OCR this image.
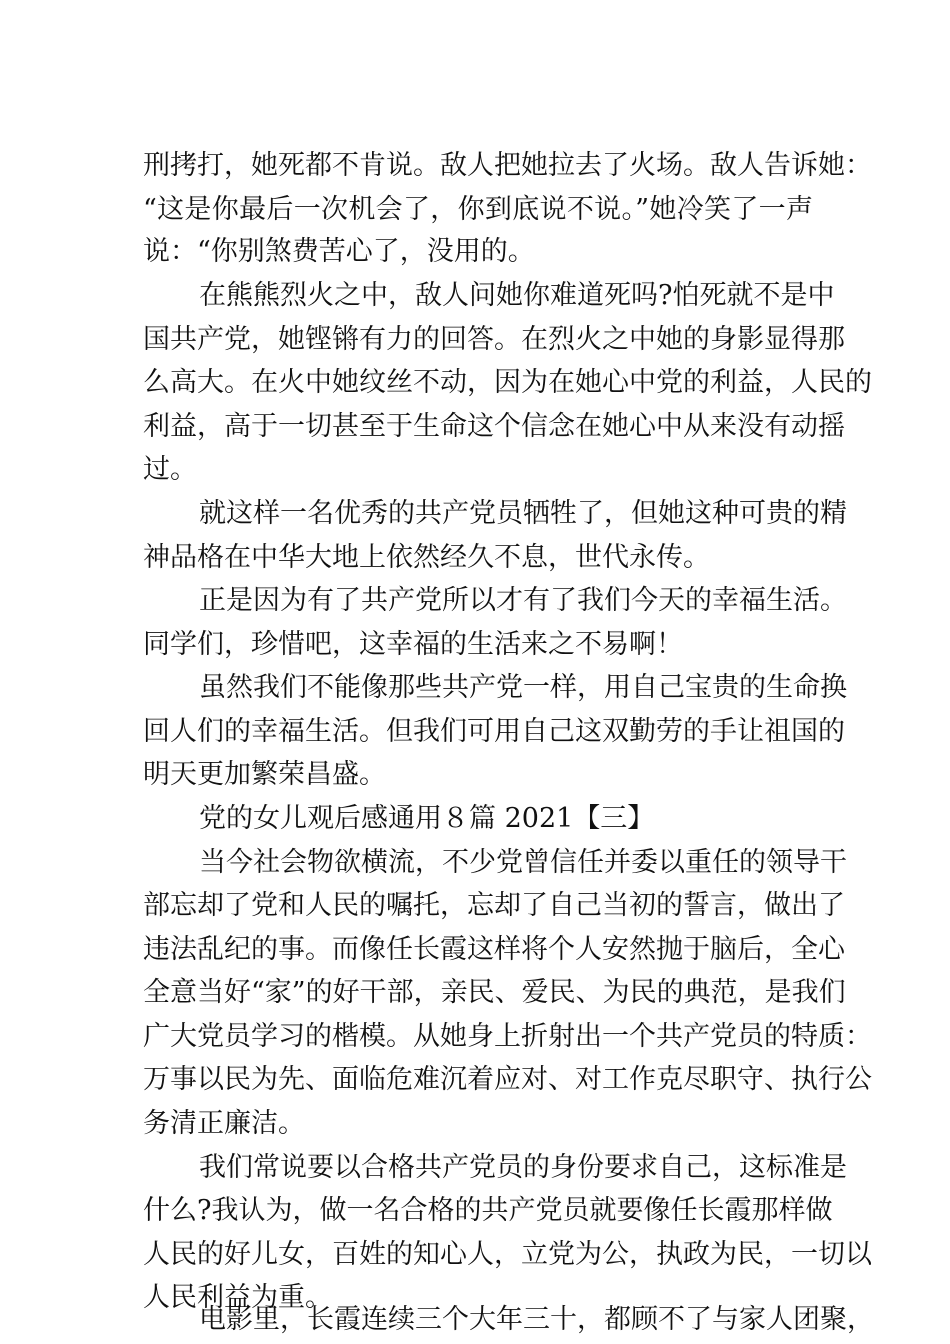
刑拷打，她死都不肯说。敌人把她拉去了火场。敌人告诉她：
“这是你最后一次机会了，你到底说不说。”她冷笑了一声
说：“你别煞费苦心了，没用的。
在熊熊烈火之中，敌人问她你难道死吗?怕死就不是中
国共产党，她铿锵有力的回答。在烈火之中她的身影显得那
么高大。在火中她纹丝不动，因为在她心中党的利益，人民的
利益，高于一切甚至于生命这个信念在她心中从来没有动摇
过。
就这样一名优秀的共产党员牺牲了，但她这种可贵的精
神品格在中华大地上依然经久不息，世代永传。
正是因为有了共产党所以才有了我们今天的幸福生活。
同学们，珍惜吧，这幸福的生活来之不易啊！
虽然我们不能像那些共产党一样，用自己宝贵的生命换
回人们的幸福生活。但我们可用自己这双勤劳的手让祖国的
明天更加繁荣昌盛。
党的女儿观后感通用８篇 2021【三】
当今社会物欲横流，不少党曾信任并委以重任的领导干
部忘却了党和人民的嘱托，忘却了自己当初的誓言，做出了
违法乱纪的事。而像任长霞这样将个人安然抛于脑后，全心
全意当好“家”的好干部，亲民、爱民、为民的典范，是我们
广大党员学习的楷模。从她身上折射出一个共产党员的特质：
万事以民为先、面临危难沉着应对、对工作克尽职守、执行公
务清正廉洁。
我们常说要以合格共产党员的身份要求自己，这标准是
什么?我认为，做一名合格的共产党员就要像任长霞那样做
人民的好儿女，百姓的知心人，立党为公，执政为民，一切以
人民利益为重。
电影里，长霞连续三个大年三十，都顾不了与家人团聚，
